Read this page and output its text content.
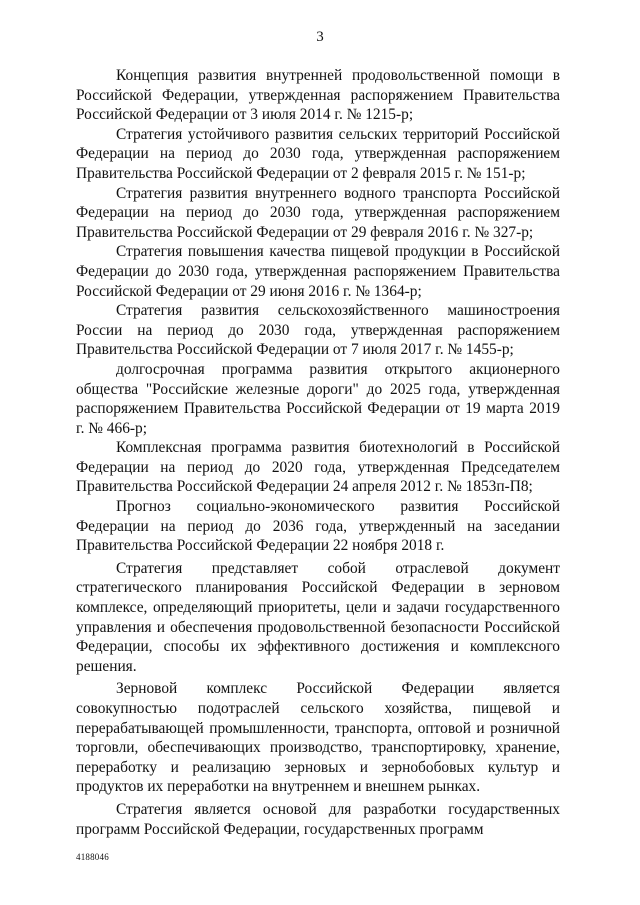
3

Концепция развития внутренней продовольственной помощи в Российской Федерации, утвержденная распоряжением Правительства Российской Федерации от 3 июля 2014 г. № 1215-р;

Стратегия устойчивого развития сельских территорий Российской Федерации на период до 2030 года, утвержденная распоряжением Правительства Российской Федерации от 2 февраля 2015 г. № 151-р;

Стратегия развития внутреннего водного транспорта Российской Федерации на период до 2030 года, утвержденная распоряжением Правительства Российской Федерации от 29 февраля 2016 г. № 327-р;

Стратегия повышения качества пищевой продукции в Российской Федерации до 2030 года, утвержденная распоряжением Правительства Российской Федерации от 29 июня 2016 г. № 1364-р;

Стратегия развития сельскохозяйственного машиностроения России на период до 2030 года, утвержденная распоряжением Правительства Российской Федерации от 7 июля 2017 г. № 1455-р;

долгосрочная программа развития открытого акционерного общества "Российские железные дороги" до 2025 года, утвержденная распоряжением Правительства Российской Федерации от 19 марта 2019 г. № 466-р;

Комплексная программа развития биотехнологий в Российской Федерации на период до 2020 года, утвержденная Председателем Правительства Российской Федерации 24 апреля 2012 г. № 1853п-П8;

Прогноз социально-экономического развития Российской Федерации на период до 2036 года, утвержденный на заседании Правительства Российской Федерации 22 ноября 2018 г.

Стратегия представляет собой отраслевой документ стратегического планирования Российской Федерации в зерновом комплексе, определяющий приоритеты, цели и задачи государственного управления и обеспечения продовольственной безопасности Российской Федерации, способы их эффективного достижения и комплексного решения.

Зерновой комплекс Российской Федерации является совокупностью подотраслей сельского хозяйства, пищевой и перерабатывающей промышленности, транспорта, оптовой и розничной торговли, обеспечивающих производство, транспортировку, хранение, переработку и реализацию зерновых и зернобобовых культур и продуктов их переработки на внутреннем и внешнем рынках.

Стратегия является основой для разработки государственных программ Российской Федерации, государственных программ

4188046
